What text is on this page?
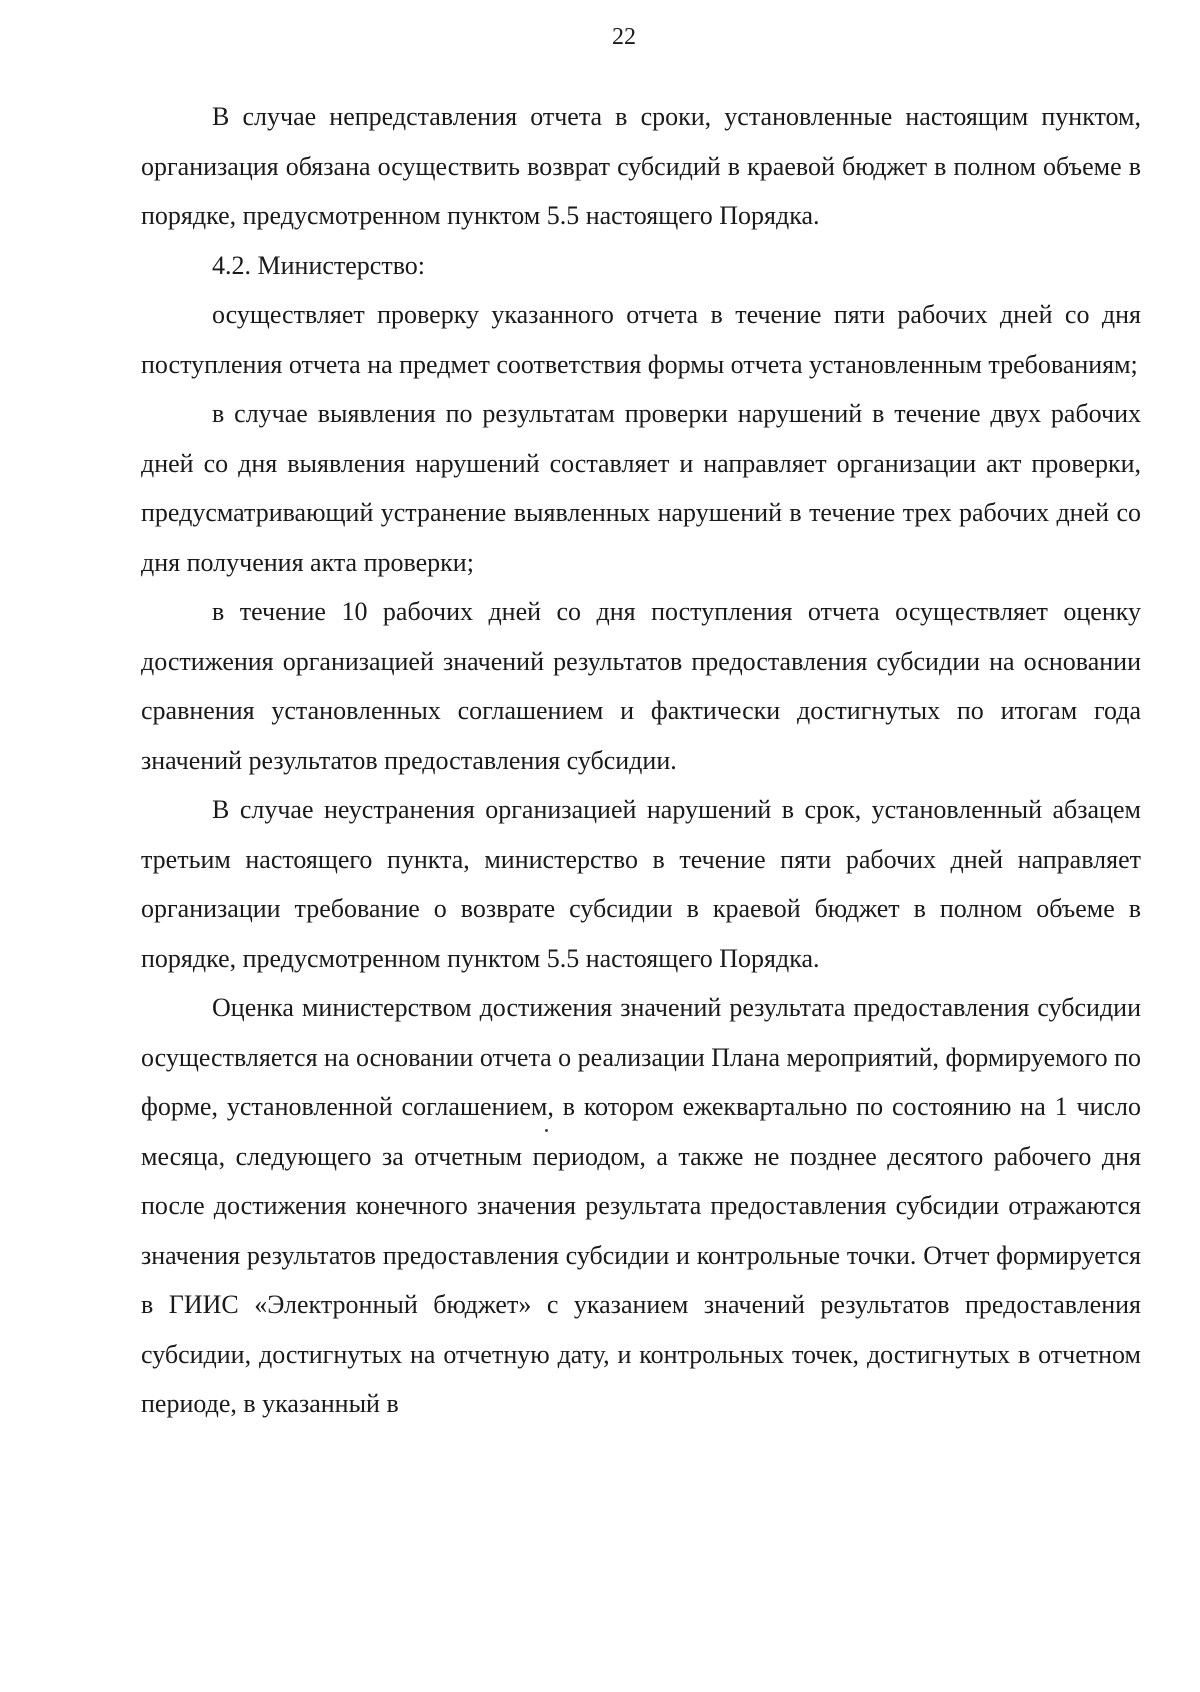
22

В случае непредставления отчета в сроки, установленные настоящим пунктом, организация обязана осуществить возврат субсидий в краевой бюджет в полном объеме в порядке, предусмотренном пунктом 5.5 настоящего Порядка.

4.2. Министерство:

осуществляет проверку указанного отчета в течение пяти рабочих дней со дня поступления отчета на предмет соответствия формы отчета установленным требованиям;

в случае выявления по результатам проверки нарушений в течение двух рабочих дней со дня выявления нарушений составляет и направляет организации акт проверки, предусматривающий устранение выявленных нарушений в течение трех рабочих дней со дня получения акта проверки;

в течение 10 рабочих дней со дня поступления отчета осуществляет оценку достижения организацией значений результатов предоставления субсидии на основании сравнения установленных соглашением и фактически достигнутых по итогам года значений результатов предоставления субсидии.

В случае неустранения организацией нарушений в срок, установленный абзацем третьим настоящего пункта, министерство в течение пяти рабочих дней направляет организации требование о возврате субсидии в краевой бюджет в полном объеме в порядке, предусмотренном пунктом 5.5 настоящего Порядка.

Оценка министерством достижения значений результата предоставления субсидии осуществляется на основании отчета о реализации Плана мероприятий, формируемого по форме, установленной соглашением, в котором ежеквартально по состоянию на 1 число месяца, следующего за отчетным периодом, а также не позднее десятого рабочего дня после достижения конечного значения результата предоставления субсидии отражаются значения результатов предоставления субсидии и контрольные точки. Отчет формируется в ГИИС «Электронный бюджет» с указанием значений результатов предоставления субсидии, достигнутых на отчетную дату, и контрольных точек, достигнутых в отчетном периоде, в указанный в
